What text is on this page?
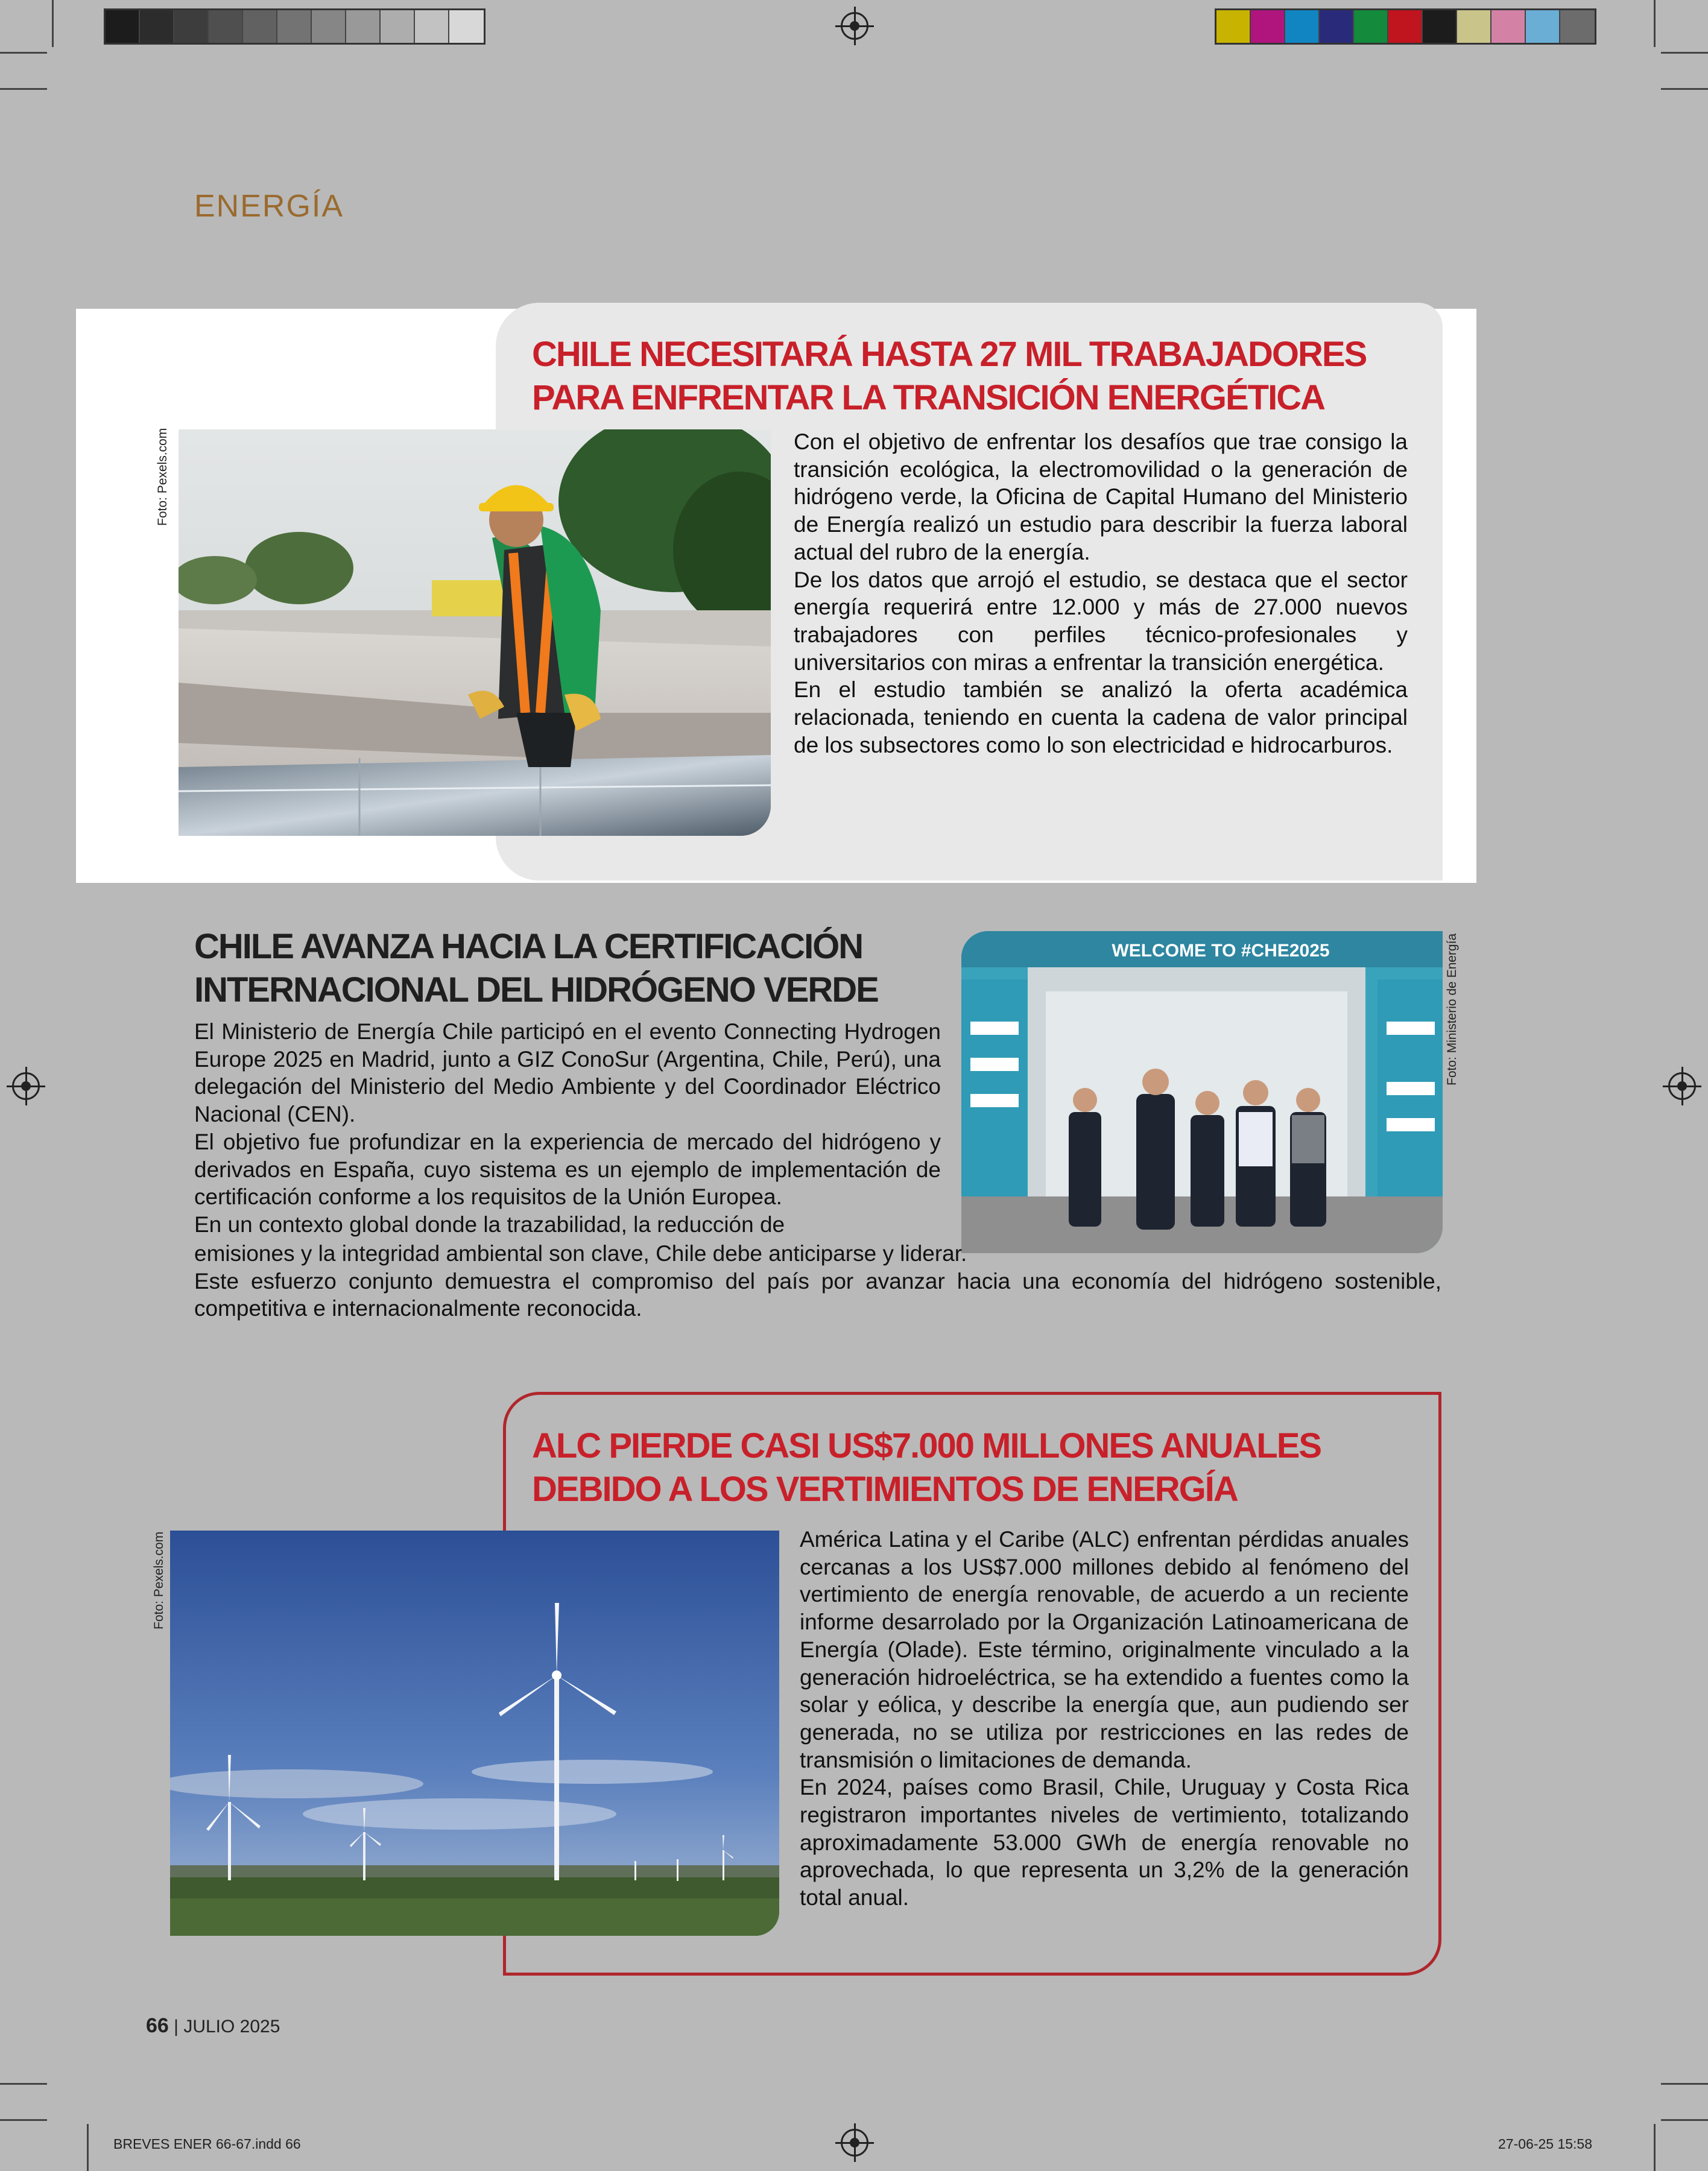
ENERGÍA
CHILE NECESITARÁ HASTA 27 MIL TRABAJADORES PARA ENFRENTAR LA TRANSICIÓN ENERGÉTICA
Foto: Pexels.com	Con el objetivo de enfrentar los desafíos que trae consigo la transición ecológica, la electromovilidad o la generación de hidrógeno verde, la Oficina de Capital Humano del Ministerio de Energía realizó un estudio para describir la fuerza laboral actual del rubro de la energía.

De los datos que arrojó el estudio, se destaca que el sector energía requerirá entre 12.000 y más de 27.000 nuevos trabajadores con perfiles técnico-profesionales y universitarios con miras a enfrentar la transición energética.

En el estudio también se analizó la oferta académica relacionada, teniendo en cuenta la cadena de valor principal de los subsectores como lo son electricidad e hidrocarburos.

CHILE AVANZA HACIA LA CERTIFICACIÓN INTERNACIONAL DEL HIDRÓGENO VERDE
WELCOME TO #CHE2025	Foto: Ministerio de Energía

El Ministerio de Energía Chile participó en el evento Connecting Hydrogen Europe 2025 en Madrid, junto a GIZ ConoSur (Argentina, Chile, Perú), una delegación del Ministerio del Medio Ambiente y del Coordinador Eléctrico Nacional (CEN).

El objetivo fue profundizar en la experiencia de mercado del hidrógeno y derivados en España, cuyo sistema es un ejemplo de implementación de certificación conforme a los requisitos de la Unión Europea.

En un contexto global donde la trazabilidad, la reducción de

emisiones y la integridad ambiental son clave, Chile debe anticiparse y liderar.

Este esfuerzo conjunto demuestra el compromiso del país por avanzar hacia una economía del hidrógeno sostenible, competitiva e internacionalmente reconocida.

ALC PIERDE CASI US$7.000 MILLONES ANUALES DEBIDO A LOS VERTIMIENTOS DE ENERGÍA
Foto: Pexels.com	América Latina y el Caribe (ALC) enfrentan pérdidas anuales cercanas a los US$7.000 millones debido al fenómeno del vertimiento de energía renovable, de acuerdo a un reciente informe desarrolado por la Organización Latinoamericana de Energía (Olade). Este término, originalmente vinculado a la generación hidroeléctrica, se ha extendido a fuentes como la solar y eólica, y describe la energía que, aun pudiendo ser generada, no se utiliza por restricciones en las redes de transmisión o limitaciones de demanda.

En 2024, países como Brasil, Chile, Uruguay y Costa Rica registraron importantes niveles de vertimiento, totalizando aproximadamente 53.000 GWh de energía renovable no aprovechada, lo que representa un 3,2% de la generación total anual.

66 | JULIO 2025
BREVES ENER 66-67.indd 66	27-06-25 15:58
